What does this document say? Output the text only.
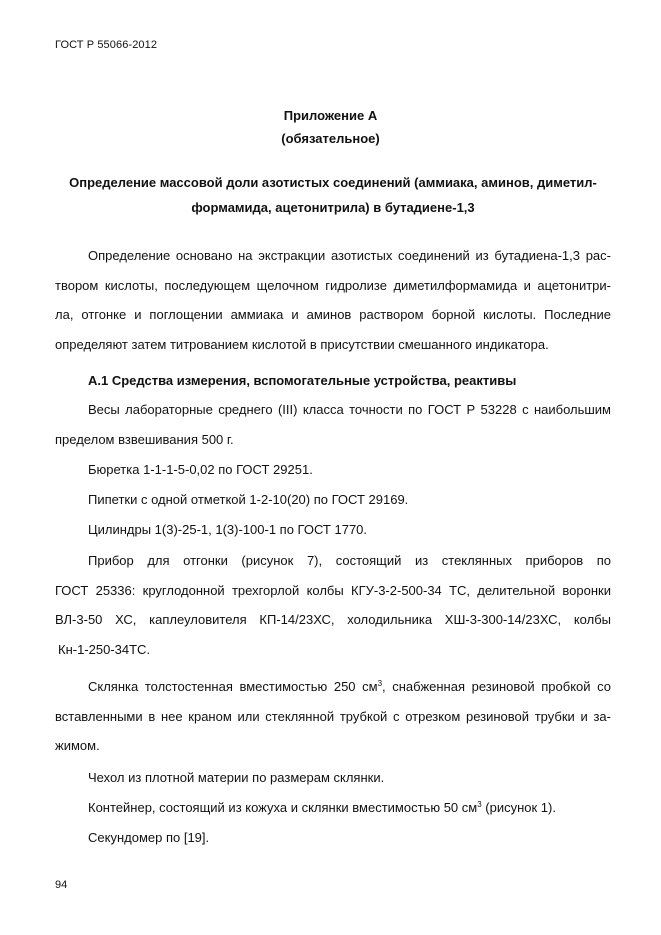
ГОСТ Р 55066-2012
Приложение А
(обязательное)
Определение массовой доли азотистых соединений (аммиака, аминов, диметил-
формамида, ацетонитрила) в бутадиене-1,3
Определение основано на экстракции азотистых соединений из бутадиена-1,3 рас-
твором кислоты, последующем щелочном гидролизе диметилформамида и ацетонитри-
ла, отгонке и поглощении аммиака и аминов раствором борной кислоты. Последние
определяют затем титрованием кислотой в присутствии смешанного индикатора.
А.1 Средства измерения, вспомогательные устройства, реактивы
Весы лабораторные среднего (III) класса точности по ГОСТ Р 53228 с наибольшим
пределом взвешивания 500 г.
Бюретка 1-1-1-5-0,02 по ГОСТ 29251.
Пипетки с одной отметкой 1-2-10(20) по ГОСТ 29169.
Цилиндры 1(3)-25-1, 1(3)-100-1 по ГОСТ 1770.
Прибор для отгонки (рисунок 7), состоящий из стеклянных приборов по
ГОСТ 25336: круглодонной трехгорлой колбы КГУ-3-2-500-34 ТС, делительной воронки
ВЛ-3-50 ХС, каплеуловителя КП-14/23ХС, холодильника ХШ-3-300-14/23ХС, колбы
Кн-1-250-34ТС.
Склянка толстостенная вместимостью 250 $см^3$, снабженная резиновой пробкой со
вставленными в нее краном или стеклянной трубкой с отрезком резиновой трубки и за-
жимом.
Чехол из плотной материи по размерам склянки.
Контейнер, состоящий из кожуха и склянки вместимостью 50 $см^3$ (рисунок 1).
Секундомер по [19].
94
